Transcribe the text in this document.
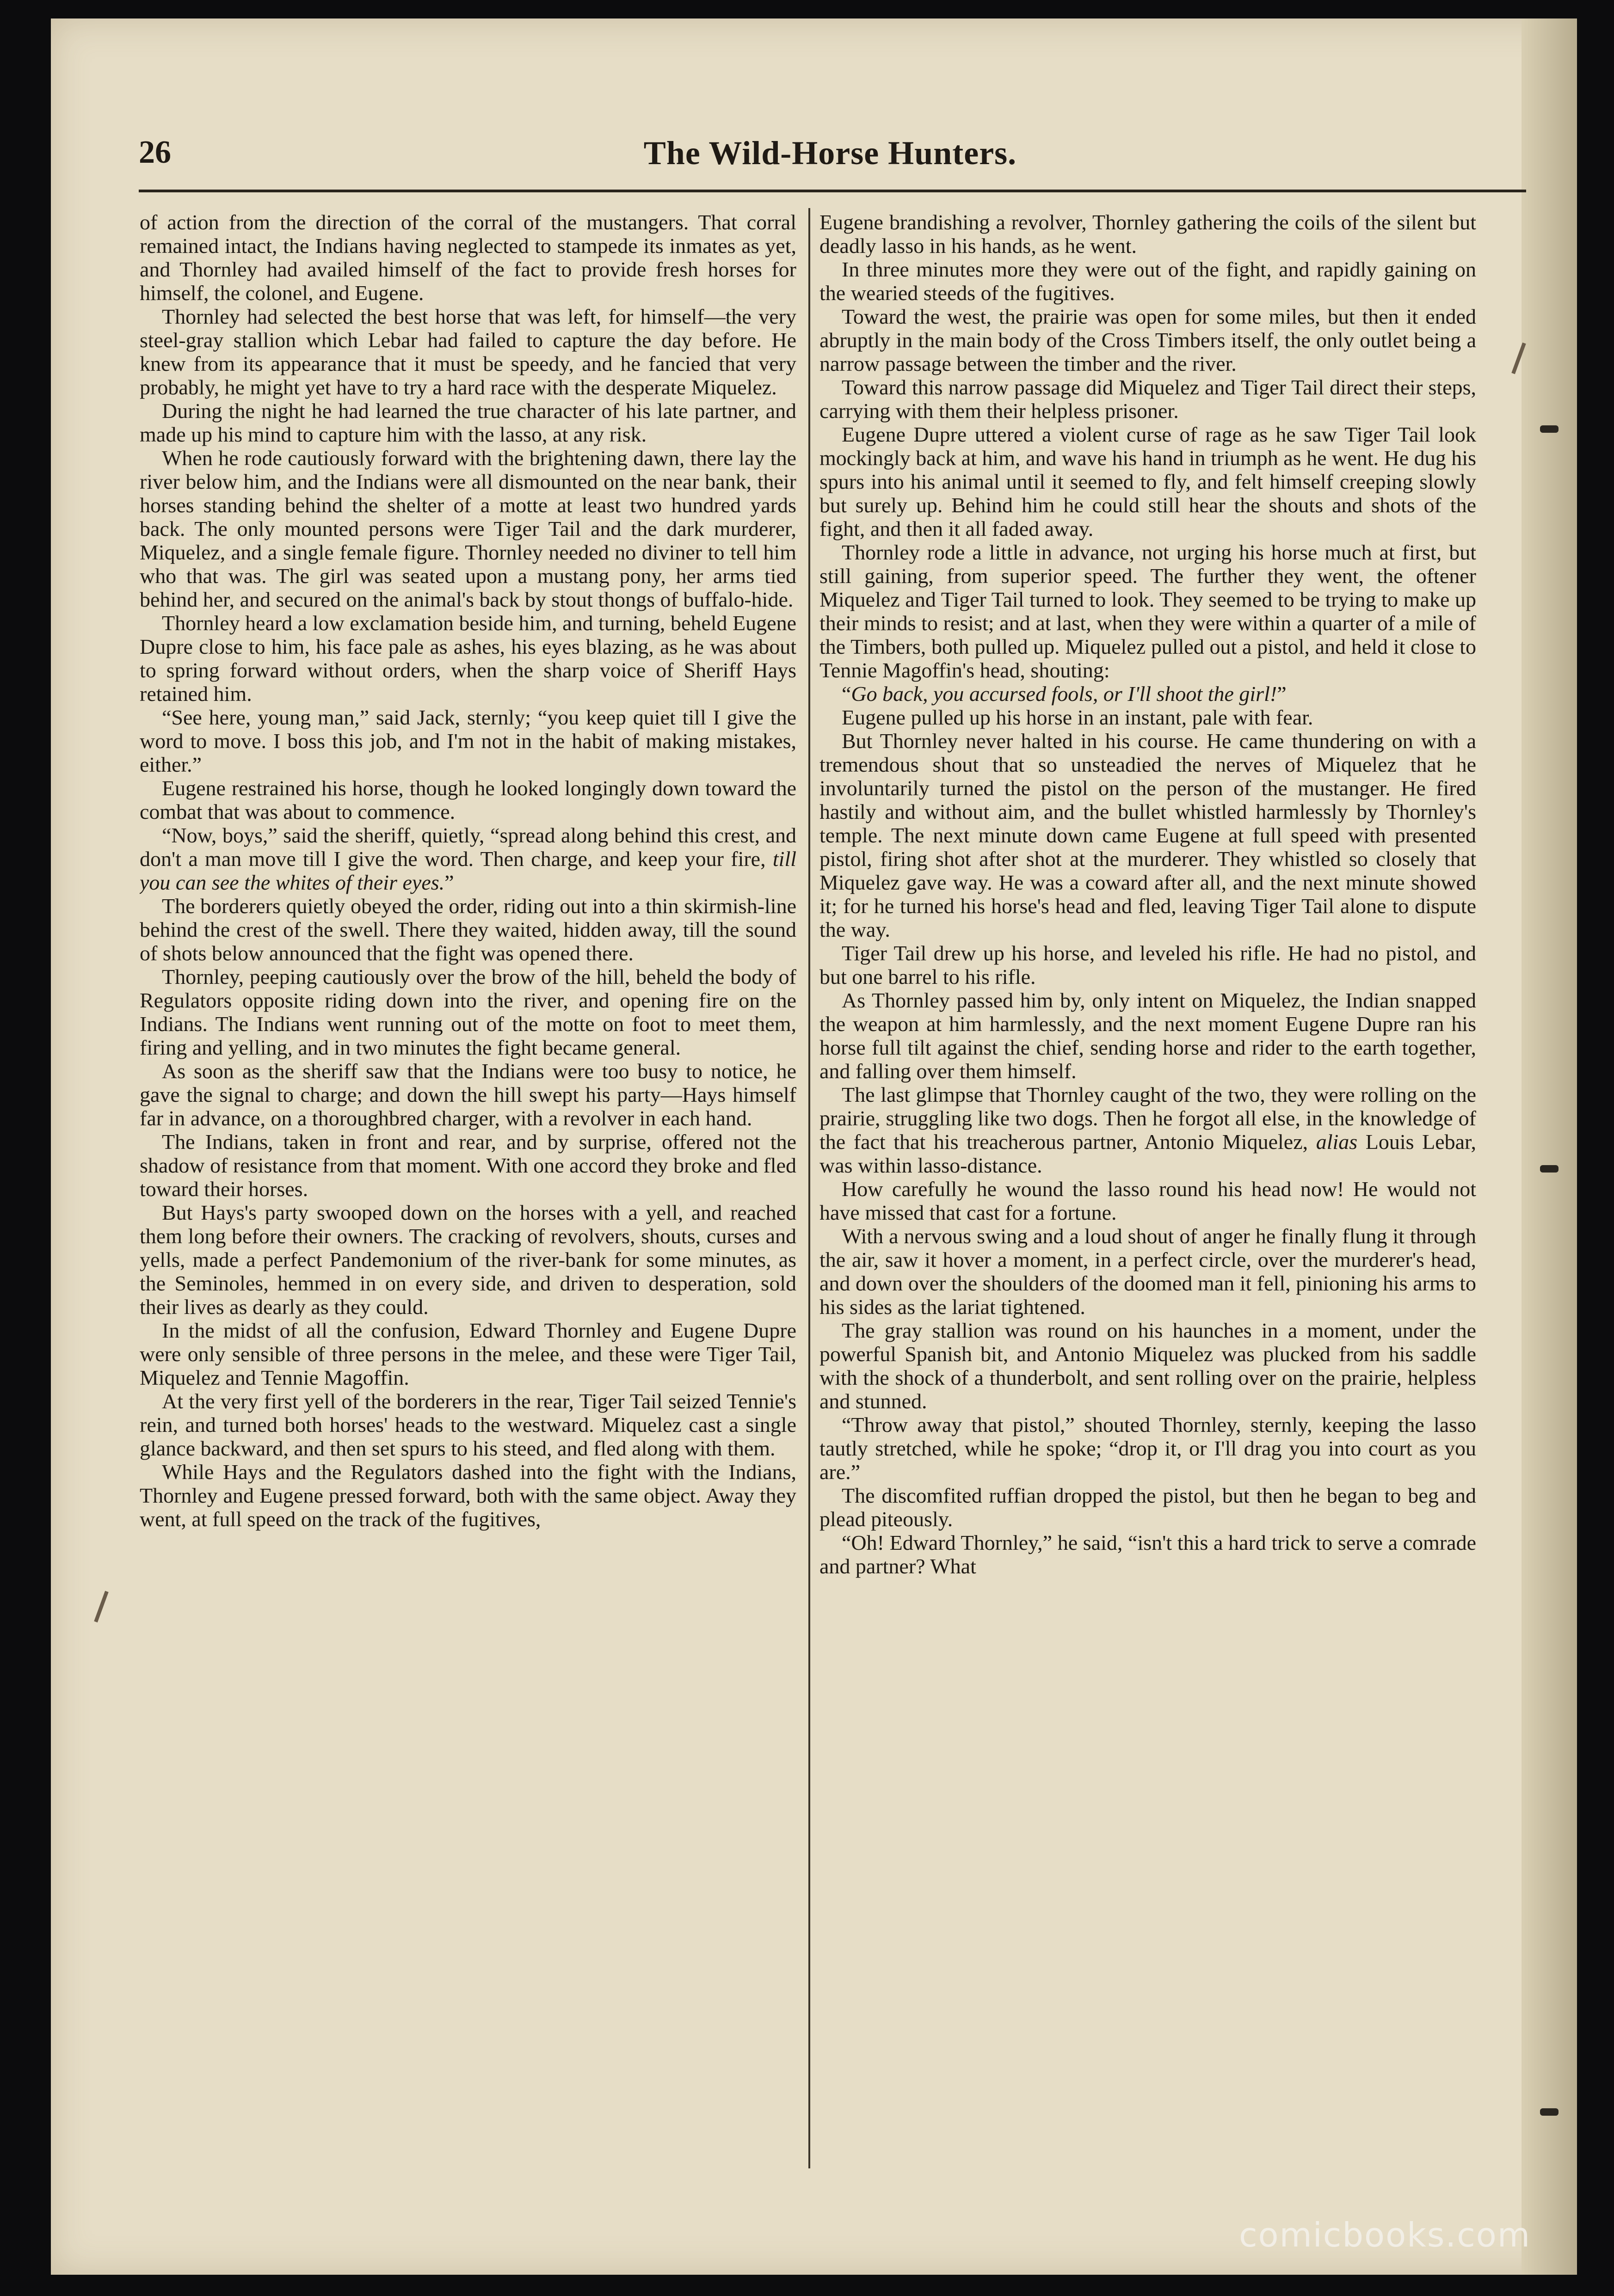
26	The Wild-Horse Hunters.

of action from the direction of the corral of the mustangers. That corral remained intact, the Indians having neglected to stampede its inmates as yet, and Thornley had availed himself of the fact to provide fresh horses for himself, the colonel, and Eugene.

Thornley had selected the best horse that was left, for himself—the very steel-gray stallion which Lebar had failed to capture the day before. He knew from its appearance that it must be speedy, and he fancied that very probably, he might yet have to try a hard race with the desperate Miquelez.

During the night he had learned the true character of his late partner, and made up his mind to capture him with the lasso, at any risk.

When he rode cautiously forward with the brightening dawn, there lay the river below him, and the Indians were all dismounted on the near bank, their horses standing behind the shelter of a motte at least two hundred yards back. The only mounted persons were Tiger Tail and the dark murderer, Miquelez, and a single female figure. Thornley needed no diviner to tell him who that was. The girl was seated upon a mustang pony, her arms tied behind her, and secured on the animal's back by stout thongs of buffalo-hide.

Thornley heard a low exclamation beside him, and turning, beheld Eugene Dupre close to him, his face pale as ashes, his eyes blazing, as he was about to spring forward without orders, when the sharp voice of Sheriff Hays retained him.

“See here, young man,” said Jack, sternly; “you keep quiet till I give the word to move. I boss this job, and I'm not in the habit of making mistakes, either.”

Eugene restrained his horse, though he looked longingly down toward the combat that was about to commence.

“Now, boys,” said the sheriff, quietly, “spread along behind this crest, and don't a man move till I give the word. Then charge, and keep your fire, till you can see the whites of their eyes.”

The borderers quietly obeyed the order, riding out into a thin skirmish-line behind the crest of the swell. There they waited, hidden away, till the sound of shots below announced that the fight was opened there.

Thornley, peeping cautiously over the brow of the hill, beheld the body of Regulators opposite riding down into the river, and opening fire on the Indians. The Indians went running out of the motte on foot to meet them, firing and yelling, and in two minutes the fight became general.

As soon as the sheriff saw that the Indians were too busy to notice, he gave the signal to charge; and down the hill swept his party—Hays himself far in advance, on a thoroughbred charger, with a revolver in each hand.

The Indians, taken in front and rear, and by surprise, offered not the shadow of resistance from that moment. With one accord they broke and fled toward their horses.

But Hays's party swooped down on the horses with a yell, and reached them long before their owners. The cracking of revolvers, shouts, curses and yells, made a perfect Pandemonium of the river-bank for some minutes, as the Seminoles, hemmed in on every side, and driven to desperation, sold their lives as dearly as they could.

In the midst of all the confusion, Edward Thornley and Eugene Dupre were only sensible of three persons in the melee, and these were Tiger Tail, Miquelez and Tennie Magoffin.

At the very first yell of the borderers in the rear, Tiger Tail seized Tennie's rein, and turned both horses' heads to the westward. Miquelez cast a single glance backward, and then set spurs to his steed, and fled along with them.

While Hays and the Regulators dashed into the fight with the Indians, Thornley and Eugene pressed forward, both with the same object. Away they went, at full speed on the track of the fugitives,

Eugene brandishing a revolver, Thornley gathering the coils of the silent but deadly lasso in his hands, as he went.

In three minutes more they were out of the fight, and rapidly gaining on the wearied steeds of the fugitives.

Toward the west, the prairie was open for some miles, but then it ended abruptly in the main body of the Cross Timbers itself, the only outlet being a narrow passage between the timber and the river.

Toward this narrow passage did Miquelez and Tiger Tail direct their steps, carrying with them their helpless prisoner.

Eugene Dupre uttered a violent curse of rage as he saw Tiger Tail look mockingly back at him, and wave his hand in triumph as he went. He dug his spurs into his animal until it seemed to fly, and felt himself creeping slowly but surely up. Behind him he could still hear the shouts and shots of the fight, and then it all faded away.

Thornley rode a little in advance, not urging his horse much at first, but still gaining, from superior speed. The further they went, the oftener Miquelez and Tiger Tail turned to look. They seemed to be trying to make up their minds to resist; and at last, when they were within a quarter of a mile of the Timbers, both pulled up. Miquelez pulled out a pistol, and held it close to Tennie Magoffin's head, shouting:

“Go back, you accursed fools, or I'll shoot the girl!”

Eugene pulled up his horse in an instant, pale with fear.

But Thornley never halted in his course. He came thundering on with a tremendous shout that so unsteadied the nerves of Miquelez that he involuntarily turned the pistol on the person of the mustanger. He fired hastily and without aim, and the bullet whistled harmlessly by Thornley's temple. The next minute down came Eugene at full speed with presented pistol, firing shot after shot at the murderer. They whistled so closely that Miquelez gave way. He was a coward after all, and the next minute showed it; for he turned his horse's head and fled, leaving Tiger Tail alone to dispute the way.

Tiger Tail drew up his horse, and leveled his rifle. He had no pistol, and but one barrel to his rifle.

As Thornley passed him by, only intent on Miquelez, the Indian snapped the weapon at him harmlessly, and the next moment Eugene Dupre ran his horse full tilt against the chief, sending horse and rider to the earth together, and falling over them himself.

The last glimpse that Thornley caught of the two, they were rolling on the prairie, struggling like two dogs. Then he forgot all else, in the knowledge of the fact that his treacherous partner, Antonio Miquelez, alias Louis Lebar, was within lasso-distance.

How carefully he wound the lasso round his head now! He would not have missed that cast for a fortune.

With a nervous swing and a loud shout of anger he finally flung it through the air, saw it hover a moment, in a perfect circle, over the murderer's head, and down over the shoulders of the doomed man it fell, pinioning his arms to his sides as the lariat tightened.

The gray stallion was round on his haunches in a moment, under the powerful Spanish bit, and Antonio Miquelez was plucked from his saddle with the shock of a thunderbolt, and sent rolling over on the prairie, helpless and stunned.

“Throw away that pistol,” shouted Thornley, sternly, keeping the lasso tautly stretched, while he spoke; “drop it, or I'll drag you into court as you are.”

The discomfited ruffian dropped the pistol, but then he began to beg and plead piteously.

“Oh! Edward Thornley,” he said, “isn't this a hard trick to serve a comrade and partner? What

comicbooks.com
